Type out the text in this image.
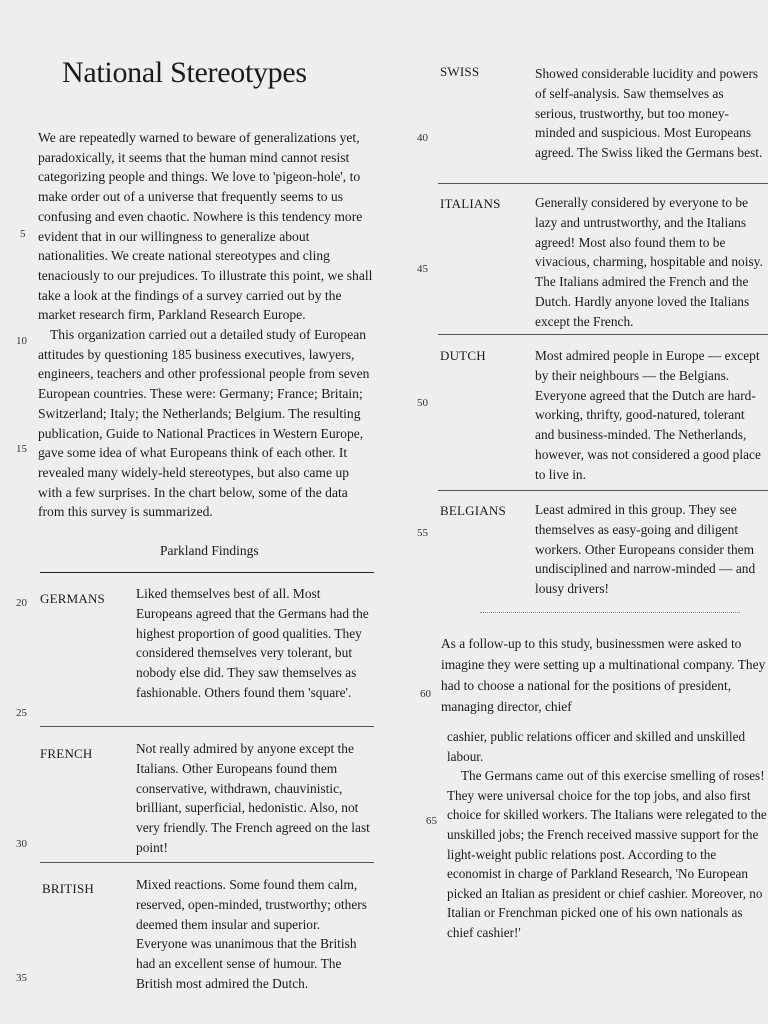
National Stereotypes

We are repeatedly warned to beware of generalizations yet, paradoxically, it seems that the human mind cannot resist categorizing people and things. We love to 'pigeon-hole', to make order out of a universe that frequently seems to us confusing and even chaotic. Nowhere is this tendency more evident that in our willingness to generalize about nationalities. We create national stereotypes and cling tenaciously to our prejudices. To illustrate this point, we shall take a look at the findings of a survey carried out by the market research firm, Parkland Research Europe.

This organization carried out a detailed study of European attitudes by questioning 185 business executives, lawyers, engineers, teachers and other professional people from seven European countries. These were: Germany; France; Britain; Switzerland; Italy; the Netherlands; Belgium. The resulting publication, Guide to National Practices in Western Europe, gave some idea of what Europeans think of each other. It revealed many widely-held stereotypes, but also came up with a few surprises. In the chart below, some of the data from this survey is summarized.

5
10
15
20
25
30
35
40
45
50
55
60
65
Parkland Findings
GERMANS Liked themselves best of all. Most Europeans agreed that the Germans had the highest proportion of good qualities. They considered themselves very tolerant, but nobody else did. They saw themselves as fashionable. Others found them 'square'.
FRENCH	Not really admired by anyone except the Italians. Other Europeans found them conservative, withdrawn, chauvinistic, brilliant, superficial, hedonistic. Also, not very friendly. The French agreed on the last point!
BRITISH	Mixed reactions. Some found them calm, reserved, open-minded, trustworthy; others deemed them insular and superior. Everyone was unanimous that the British had an excellent sense of humour. The British most admired the Dutch.
SWISS	Showed considerable lucidity and powers of self-analysis. Saw themselves as serious, trustworthy, but too money-minded and suspicious. Most Europeans agreed. The Swiss liked the Germans best.
ITALIANS	Generally considered by everyone to be lazy and untrustworthy, and the Italians agreed! Most also found them to be vivacious, charming, hospitable and noisy. The Italians admired the French and the Dutch. Hardly anyone loved the Italians except the French.
DUTCH	Most admired people in Europe — except by their neighbours — the Belgians. Everyone agreed that the Dutch are hard-working, thrifty, good-natured, tolerant and business-minded. The Netherlands, however, was not considered a good place to live in.
BELGIANS Least admired in this group. They see themselves as easy-going and diligent workers. Other Europeans consider them undisciplined and narrow-minded — and lousy drivers!
As a follow-up to this study, businessmen were asked to imagine they were setting up a multinational company. They had to choose a national for the positions of president, managing director, chief

cashier, public relations officer and skilled and unskilled labour.

The Germans came out of this exercise smelling of roses! They were universal choice for the top jobs, and also first choice for skilled workers. The Italians were relegated to the unskilled jobs; the French received massive support for the light-weight public relations post. According to the economist in charge of Parkland Research, 'No European picked an Italian as president or chief cashier. Moreover, no Italian or Frenchman picked one of his own nationals as chief cashier!'
